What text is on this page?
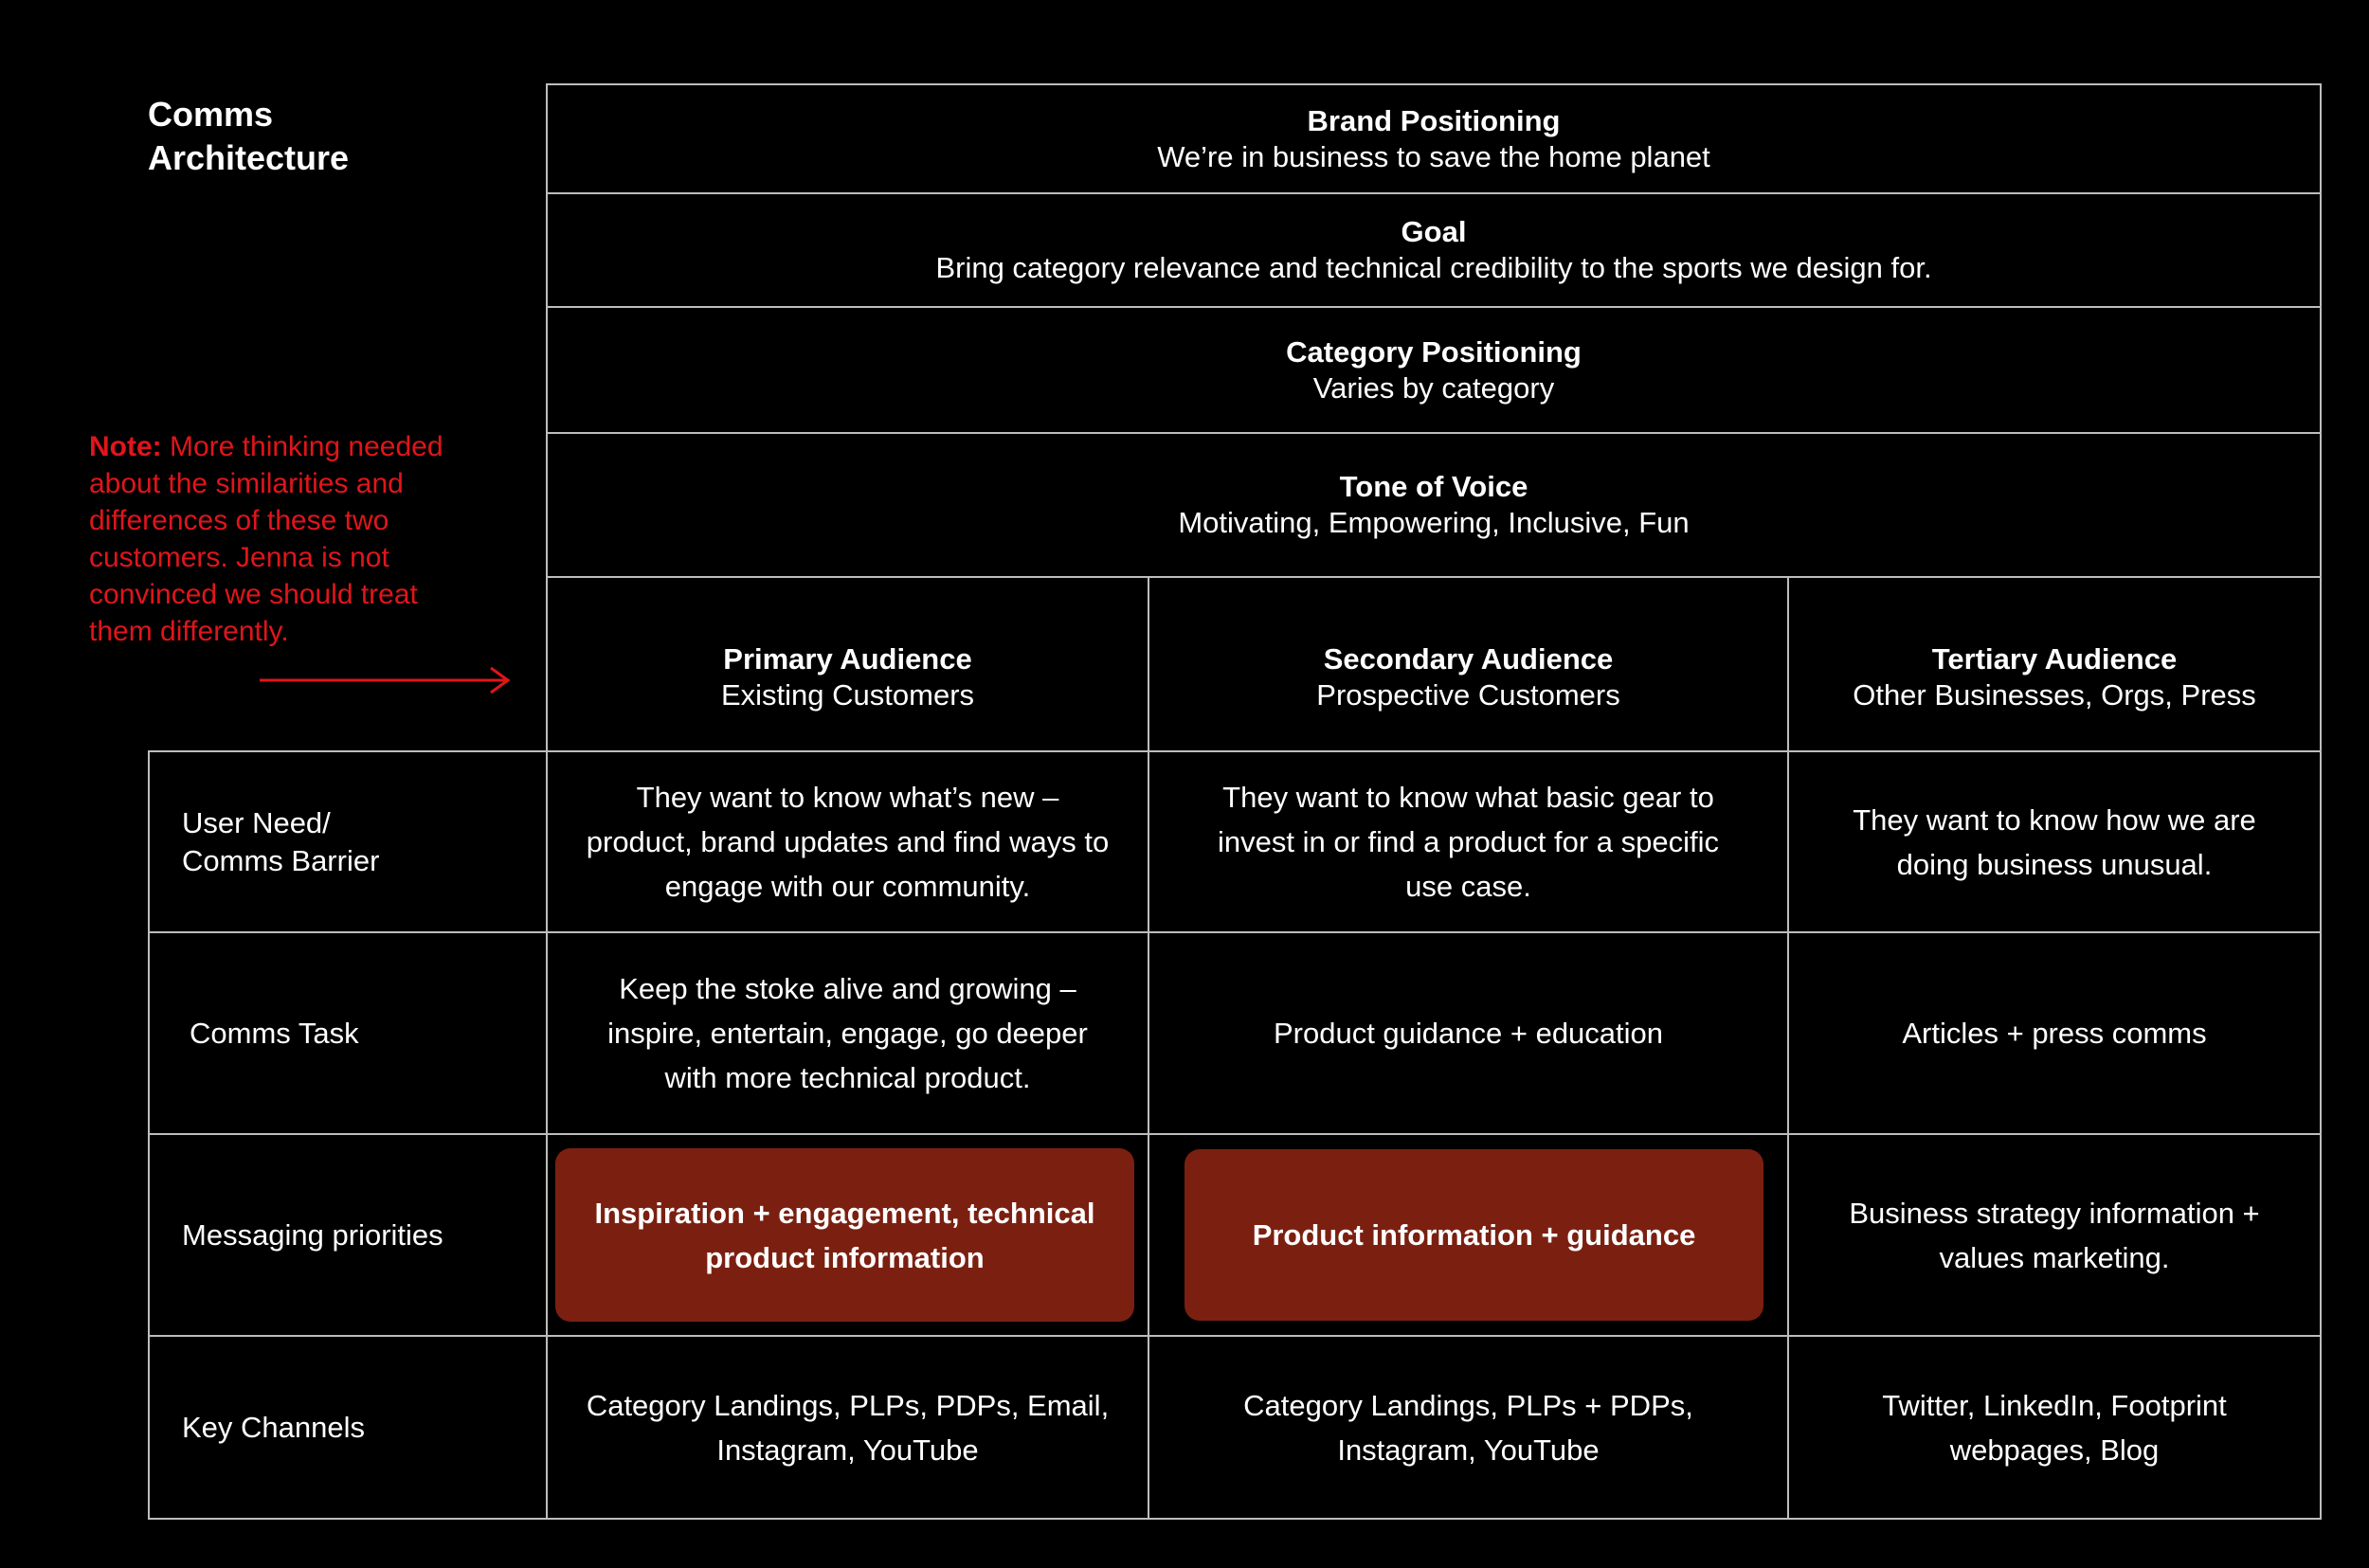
Comms
Architecture
Note: More thinking needed about the similarities and differences of these two customers. Jenna is not convinced we should treat them differently.
Brand Positioning
We’re in business to save the home planet
Goal
Bring category relevance and technical credibility to the sports we design for.
Category Positioning
Varies by category
Tone of Voice
Motivating, Empowering, Inclusive, Fun
Primary Audience
Existing Customers
Secondary Audience
Prospective Customers
Tertiary Audience
Other Businesses, Orgs, Press
User Need/
Comms Barrier
They want to know what’s new – product, brand updates and find ways to engage with our community.
They want to know what basic gear to invest in or find a product for a specific use case.
They want to know how we are doing business unusual.
Comms Task
Keep the stoke alive and growing – inspire, entertain, engage, go deeper with more technical product.
Product guidance + education	Articles + press comms
Messaging priorities
Inspiration + engagement, technical product information
Product information + guidance
Business strategy information + values marketing.
Key Channels
Category Landings, PLPs, PDPs, Email, Instagram, YouTube
Category Landings, PLPs + PDPs, Instagram, YouTube
Twitter, LinkedIn, Footprint webpages, Blog
